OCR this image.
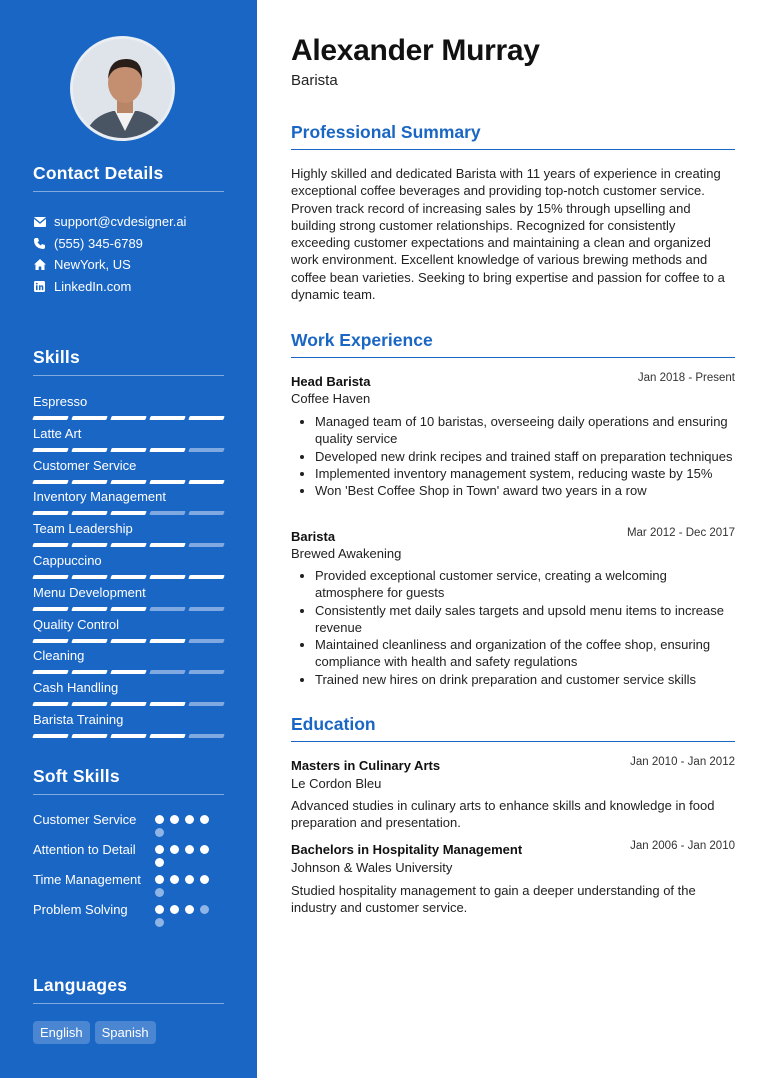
Contact Details
support@cvdesigner.ai
(555) 345-6789
NewYork, US
LinkedIn.com
Skills
Espresso
Latte Art
Customer Service
Inventory Management
Team Leadership
Cappuccino
Menu Development
Quality Control
Cleaning
Cash Handling
Barista Training
Soft Skills
Customer Service
Attention to Detail
Time Management
Problem Solving
Languages
English	Spanish
Alexander Murray
Barista
Professional Summary
Highly skilled and dedicated Barista with 11 years of experience in creating exceptional coffee beverages and providing top-notch customer service. Proven track record of increasing sales by 15% through upselling and building strong customer relationships. Recognized for consistently exceeding customer expectations and maintaining a clean and organized work environment. Excellent knowledge of various brewing methods and coffee bean varieties. Seeking to bring expertise and passion for coffee to a dynamic team.
Work Experience
Head Barista	Jan 2018 - Present
Coffee Haven
• Managed team of 10 baristas, overseeing daily operations and ensuring quality service
• Developed new drink recipes and trained staff on preparation techniques
• Implemented inventory management system, reducing waste by 15%
• Won 'Best Coffee Shop in Town' award two years in a row
Barista	Mar 2012 - Dec 2017
Brewed Awakening
• Provided exceptional customer service, creating a welcoming atmosphere for guests
• Consistently met daily sales targets and upsold menu items to increase revenue
• Maintained cleanliness and organization of the coffee shop, ensuring compliance with health and safety regulations
• Trained new hires on drink preparation and customer service skills
Education
Masters in Culinary Arts	Jan 2010 - Jan 2012
Le Cordon Bleu
Advanced studies in culinary arts to enhance skills and knowledge in food preparation and presentation.
Bachelors in Hospitality Management	Jan 2006 - Jan 2010
Johnson & Wales University
Studied hospitality management to gain a deeper understanding of the industry and customer service.
